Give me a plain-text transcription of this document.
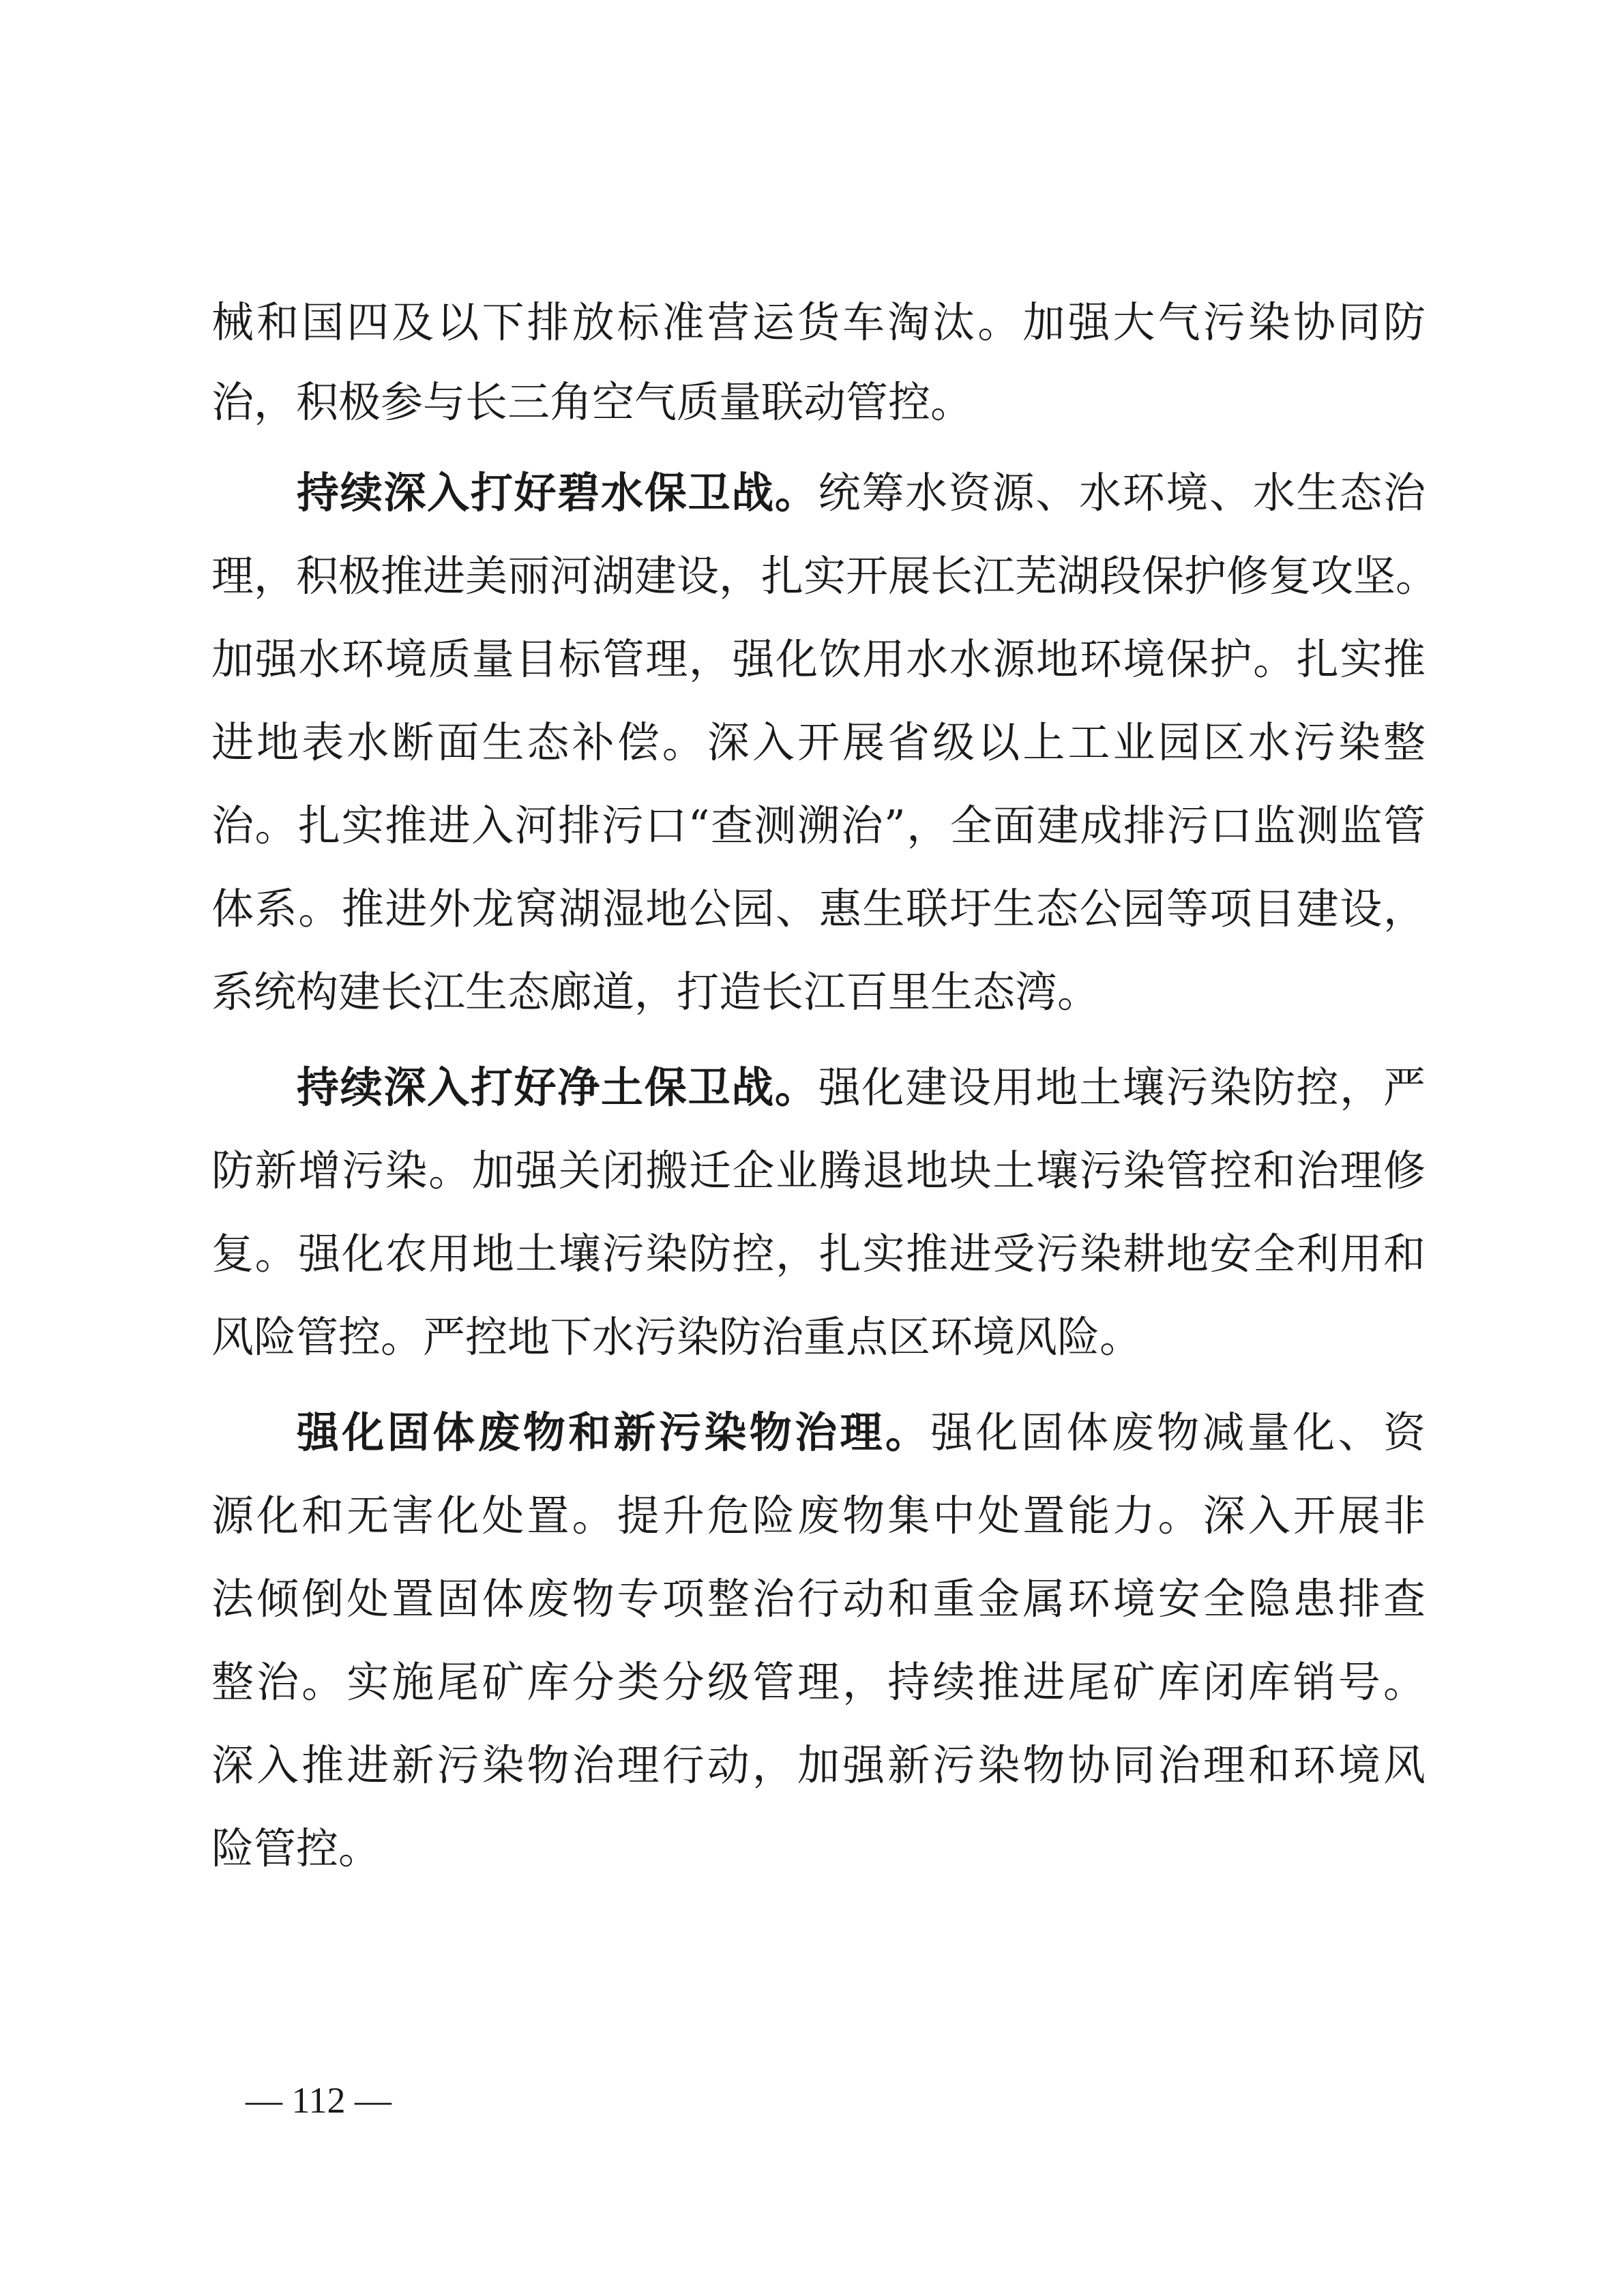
械和国四及以下排放标准营运货车淘汰。加强大气污染协同防
治，积极参与长三角空气质量联动管控。
持续深入打好碧水保卫战。统筹水资源、水环境、水生态治
理，积极推进美丽河湖建设，扎实开展长江芜湖段保护修复攻坚。
加强水环境质量目标管理，强化饮用水水源地环境保护。扎实推
进地表水断面生态补偿。深入开展省级以上工业园区水污染整
治。扎实推进入河排污口“查测溯治”，全面建成排污口监测监管
体系。推进外龙窝湖湿地公园、惠生联圩生态公园等项目建设，
系统构建长江生态廊道，打造长江百里生态湾。
持续深入打好净土保卫战。强化建设用地土壤污染防控，严
防新增污染。加强关闭搬迁企业腾退地块土壤污染管控和治理修
复。强化农用地土壤污染防控，扎实推进受污染耕地安全利用和
风险管控。严控地下水污染防治重点区环境风险。
强化固体废物和新污染物治理。强化固体废物减量化、资
源化和无害化处置。提升危险废物集中处置能力。深入开展非
法倾倒处置固体废物专项整治行动和重金属环境安全隐患排查
整治。实施尾矿库分类分级管理，持续推进尾矿库闭库销号。
深入推进新污染物治理行动，加强新污染物协同治理和环境风
险管控。
— 112 —
